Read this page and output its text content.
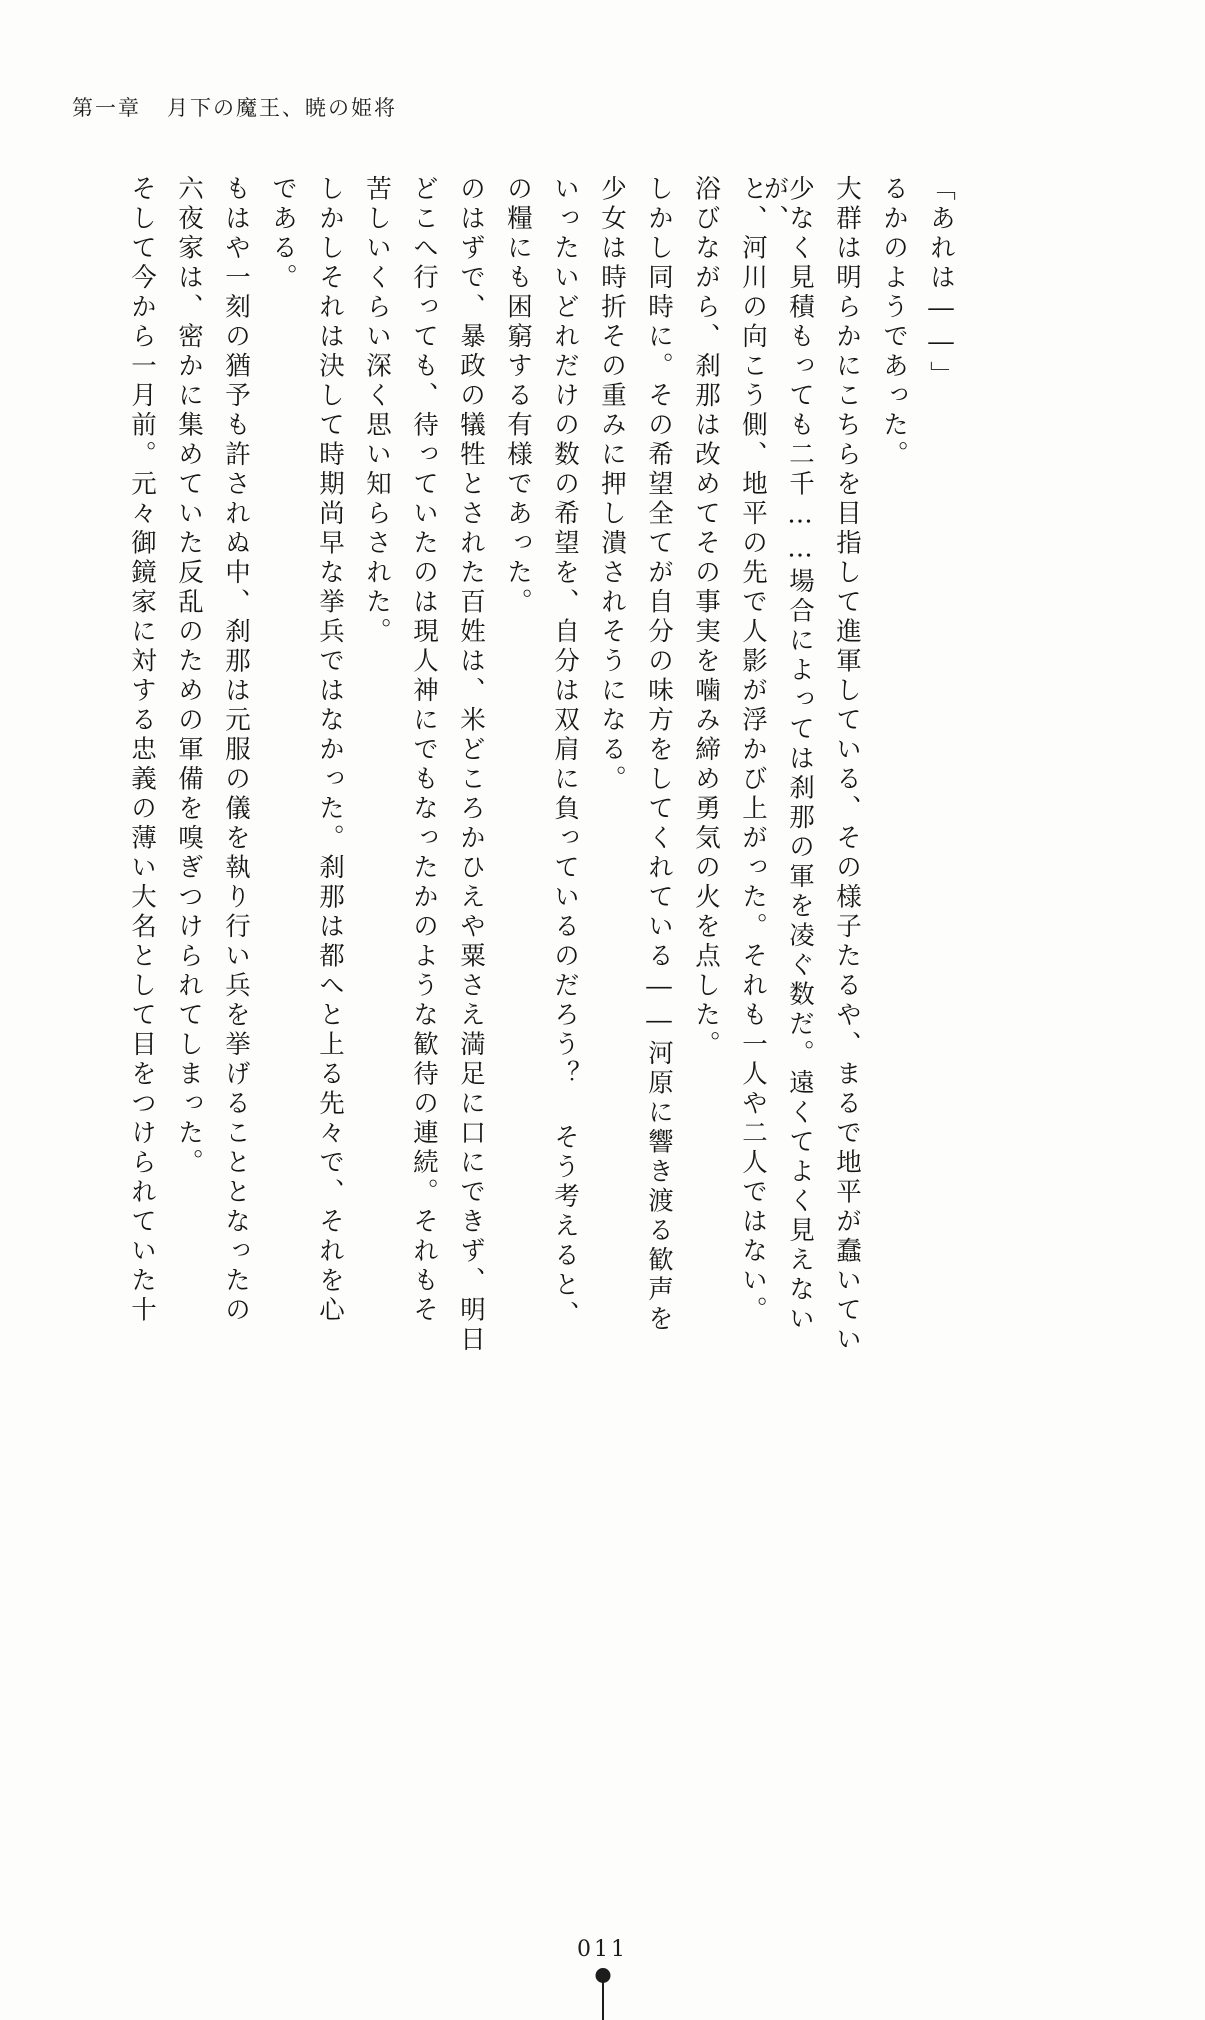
第一章 月下の魔王、暁の姫将
そして今から一月前。元々御鏡家に対する忠義の薄い大名として目をつけられていた十 六夜家は、密かに集めていた反乱のための軍備を嗅ぎつけられてしまった。 もはや一刻の猶予も許されぬ中、刹那は元服の儀を執り行い兵を挙げることとなったの である。 しかしそれは決して時期尚早な挙兵ではなかった。刹那は都へと上る先々で、それを心 苦しいくらい深く思い知らされた。 どこへ行っても、待っていたのは現人神にでもなったかのような歓待の連続。それもそ のはずで、暴政の犠牲とされた百姓は、米どころかひえや粟さえ満足に口にできず、明日 の糧にも困窮する有様であった。 いったいどれだけの数の希望を、自分は双肩に負っているのだろう？ そう考えると、 少女は時折その重みに押し潰されそうになる。 しかし同時に。その希望全てが自分の味方をしてくれている――河原に響き渡る歓声を 浴びながら、刹那は改めてその事実を噛み締め勇気の火を点した。 と、河川の向こう側、地平の先で人影が浮かび上がった。それも一人や二人ではない。 少なく見積もっても二千……場合によっては刹那の軍を凌ぐ数だ。遠くてよく見えないが、	大群は明らかにこちらを目指して進軍している、その様子たるや、まるで地平が蠢いてい るかのようであった。 「あれは――」
011
